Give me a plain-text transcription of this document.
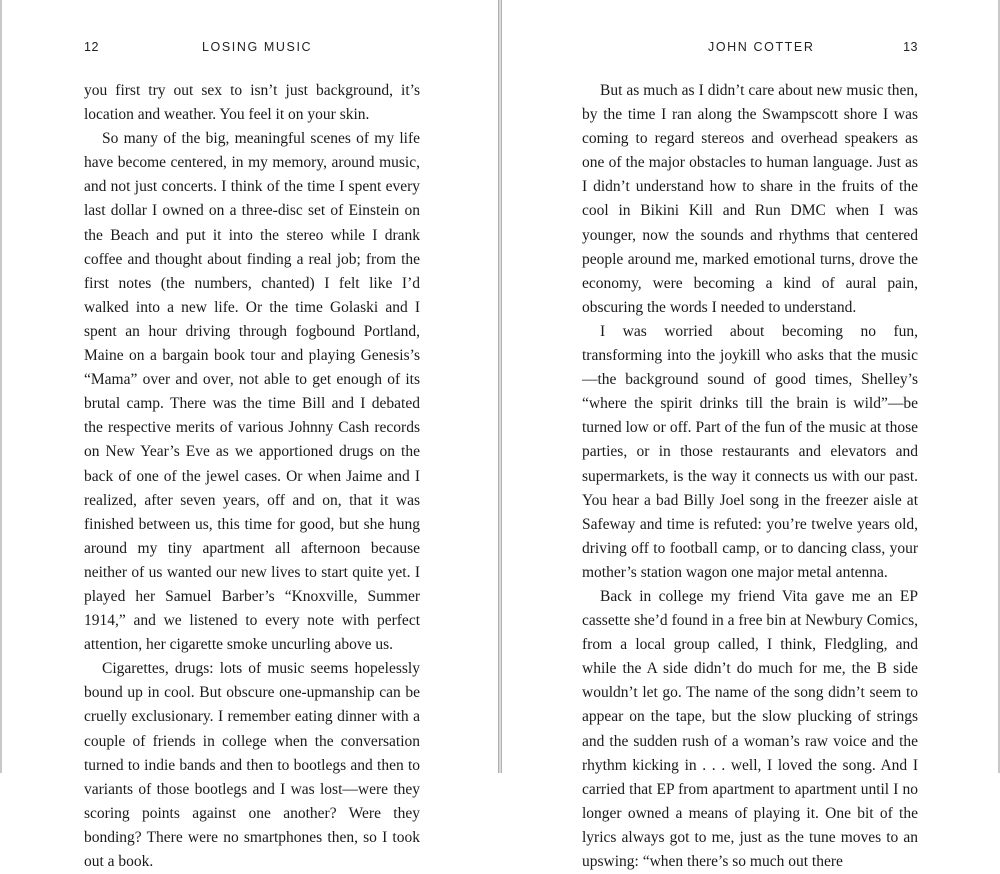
12	LOSING MUSIC

you first try out sex to isn’t just background, it’s location and weather. You feel it on your skin.

So many of the big, meaningful scenes of my life have become centered, in my memory, around music, and not just concerts. I think of the time I spent every last dollar I owned on a three-disc set of Einstein on the Beach and put it into the stereo while I drank coffee and thought about finding a real job; from the first notes (the numbers, chanted) I felt like I’d walked into a new life. Or the time Golaski and I spent an hour driving through fogbound Portland, Maine on a bargain book tour and playing Genesis’s “Mama” over and over, not able to get enough of its brutal camp. There was the time Bill and I debated the respective merits of various Johnny Cash records on New Year’s Eve as we apportioned drugs on the back of one of the jewel cases. Or when Jaime and I realized, after seven years, off and on, that it was finished between us, this time for good, but she hung around my tiny apartment all afternoon because neither of us wanted our new lives to start quite yet. I played her Samuel Barber’s “Knoxville, Summer 1914,” and we listened to every note with perfect attention, her cigarette smoke uncurling above us.

Cigarettes, drugs: lots of music seems hopelessly bound up in cool. But obscure one-upmanship can be cruelly exclusionary. I remember eating dinner with a couple of friends in college when the conversation turned to indie bands and then to bootlegs and then to variants of those bootlegs and I was lost—were they scoring points against one another? Were they bonding? There were no smartphones then, so I took out a book.

JOHN COTTER	13

But as much as I didn’t care about new music then, by the time I ran along the Swampscott shore I was coming to regard stereos and overhead speakers as one of the major obstacles to human language. Just as I didn’t understand how to share in the fruits of the cool in Bikini Kill and Run DMC when I was younger, now the sounds and rhythms that centered people around me, marked emotional turns, drove the economy, were becoming a kind of aural pain, obscuring the words I needed to understand.

I was worried about becoming no fun, transforming into the joykill who asks that the music—the background sound of good times, Shelley’s “where the spirit drinks till the brain is wild”—be turned low or off. Part of the fun of the music at those parties, or in those restaurants and elevators and supermarkets, is the way it connects us with our past. You hear a bad Billy Joel song in the freezer aisle at Safeway and time is refuted: you’re twelve years old, driving off to football camp, or to dancing class, your mother’s station wagon one major metal antenna.

Back in college my friend Vita gave me an EP cassette she’d found in a free bin at Newbury Comics, from a local group called, I think, Fledgling, and while the A side didn’t do much for me, the B side wouldn’t let go. The name of the song didn’t seem to appear on the tape, but the slow plucking of strings and the sudden rush of a woman’s raw voice and the rhythm kicking in . . . well, I loved the song. And I carried that EP from apartment to apartment until I no longer owned a means of playing it. One bit of the lyrics always got to me, just as the tune moves to an upswing: “when there’s so much out there
